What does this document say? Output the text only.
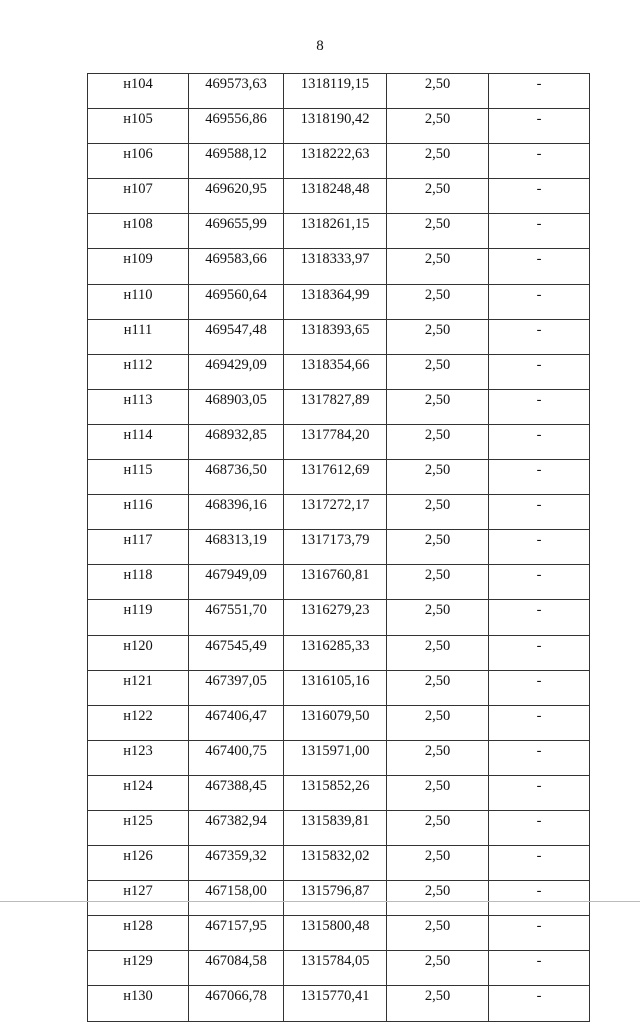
8
н104	469573,63	1318119,15	2,50	-
н105	469556,86	1318190,42	2,50	-
н106	469588,12	1318222,63	2,50	-
н107	469620,95	1318248,48	2,50	-
н108	469655,99	1318261,15	2,50	-
н109	469583,66	1318333,97	2,50	-
н110	469560,64	1318364,99	2,50	-
н111	469547,48	1318393,65	2,50	-
н112	469429,09	1318354,66	2,50	-
н113	468903,05	1317827,89	2,50	-
н114	468932,85	1317784,20	2,50	-
н115	468736,50	1317612,69	2,50	-
н116	468396,16	1317272,17	2,50	-
н117	468313,19	1317173,79	2,50	-
н118	467949,09	1316760,81	2,50	-
н119	467551,70	1316279,23	2,50	-
н120	467545,49	1316285,33	2,50	-
н121	467397,05	1316105,16	2,50	-
н122	467406,47	1316079,50	2,50	-
н123	467400,75	1315971,00	2,50	-
н124	467388,45	1315852,26	2,50	-
н125	467382,94	1315839,81	2,50	-
н126	467359,32	1315832,02	2,50	-
н127	467158,00	1315796,87	2,50	-
н128	467157,95	1315800,48	2,50	-
н129	467084,58	1315784,05	2,50	-
н130	467066,78	1315770,41	2,50	-
